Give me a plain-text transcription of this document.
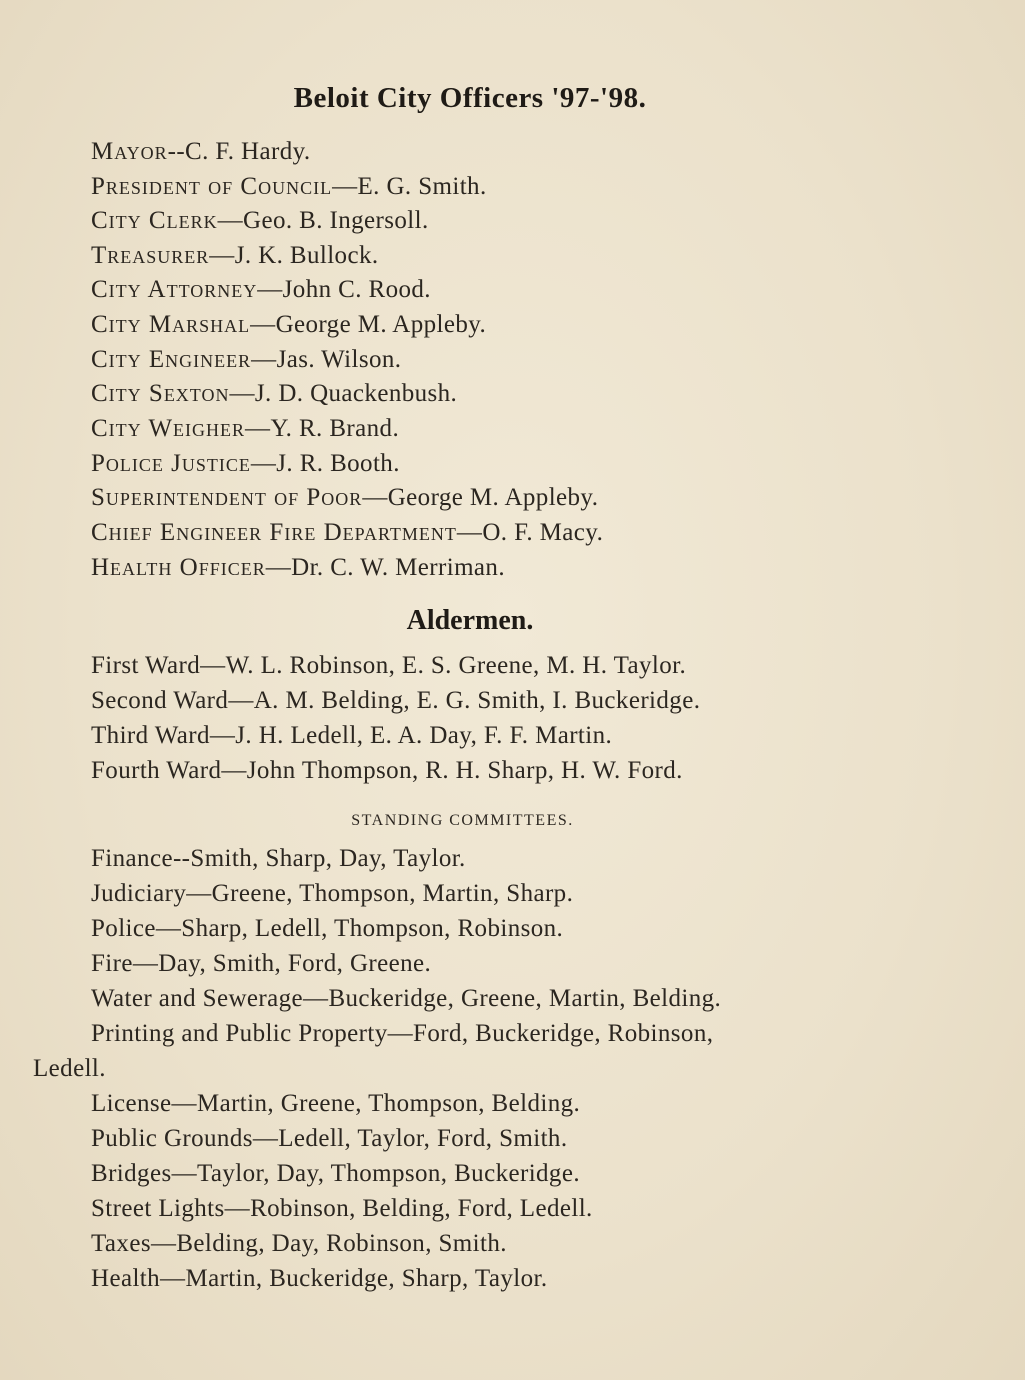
Beloit City Officers '97-'98.
Mayor--C. F. Hardy.
President of Council—E. G. Smith.
City Clerk—Geo. B. Ingersoll.
Treasurer—J. K. Bullock.
City Attorney—John C. Rood.
City Marshal—George M. Appleby.
City Engineer—Jas. Wilson.
City Sexton—J. D. Quackenbush.
City Weigher—Y. R. Brand.
Police Justice—J. R. Booth.
Superintendent of Poor—George M. Appleby.
Chief Engineer Fire Department—O. F. Macy.
Health Officer—Dr. C. W. Merriman.
Aldermen.
First Ward—W. L. Robinson, E. S. Greene, M. H. Taylor.
Second Ward—A. M. Belding, E. G. Smith, I. Buckeridge.
Third Ward—J. H. Ledell, E. A. Day, F. F. Martin.
Fourth Ward—John Thompson, R. H. Sharp, H. W. Ford.
STANDING COMMITTEES.
Finance--Smith, Sharp, Day, Taylor.
Judiciary—Greene, Thompson, Martin, Sharp.
Police—Sharp, Ledell, Thompson, Robinson.
Fire—Day, Smith, Ford, Greene.
Water and Sewerage—Buckeridge, Greene, Martin, Belding.
Printing and Public Property—Ford, Buckeridge, Robinson,
Ledell.
License—Martin, Greene, Thompson, Belding.
Public Grounds—Ledell, Taylor, Ford, Smith.
Bridges—Taylor, Day, Thompson, Buckeridge.
Street Lights—Robinson, Belding, Ford, Ledell.
Taxes—Belding, Day, Robinson, Smith.
Health—Martin, Buckeridge, Sharp, Taylor.
